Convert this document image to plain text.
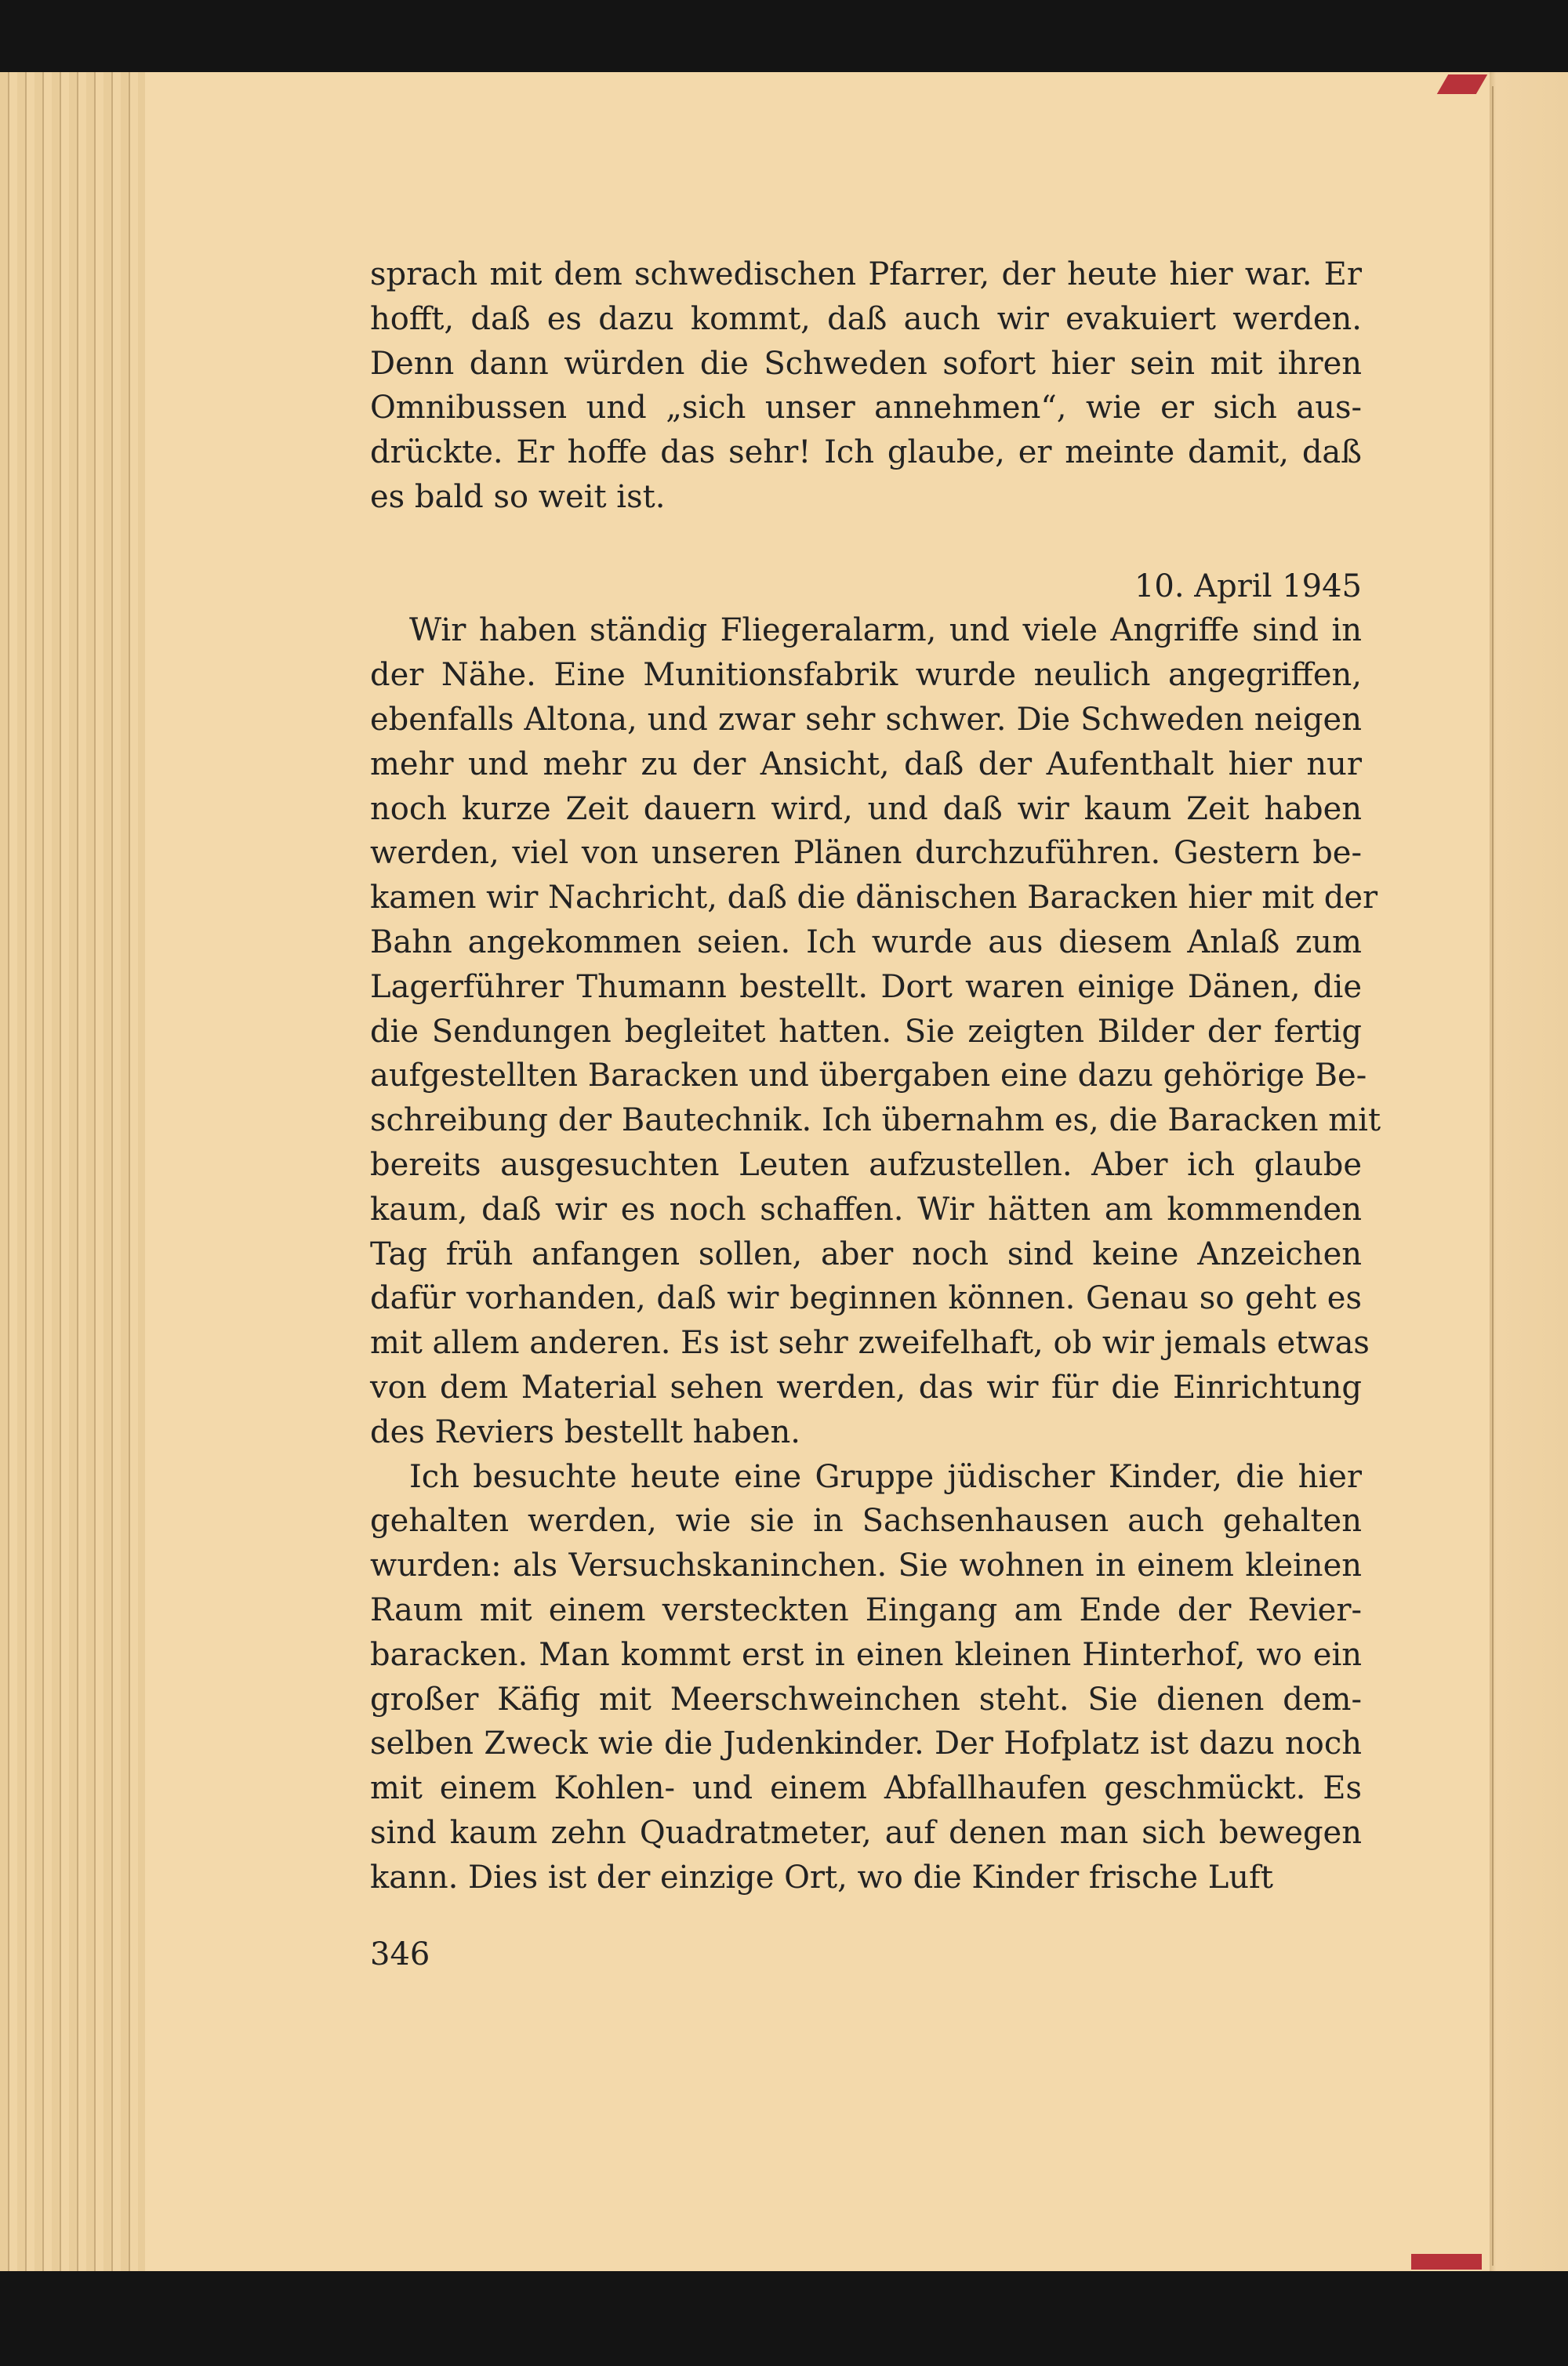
sprach mit dem schwedischen Pfarrer, der heute hier war. Er
hofft, daß es dazu kommt, daß auch wir evakuiert werden.
Denn dann würden die Schweden sofort hier sein mit ihren
Omnibussen und „sich unser annehmen“, wie er sich aus-
drückte. Er hoffe das sehr! Ich glaube, er meinte damit, daß
es bald so weit ist.
10. April 1945
Wir haben ständig Fliegeralarm, und viele Angriffe sind in
der Nähe. Eine Munitionsfabrik wurde neulich angegriffen,
ebenfalls Altona, und zwar sehr schwer. Die Schweden neigen
mehr und mehr zu der Ansicht, daß der Aufenthalt hier nur
noch kurze Zeit dauern wird, und daß wir kaum Zeit haben
werden, viel von unseren Plänen durchzuführen. Gestern be-
kamen wir Nachricht, daß die dänischen Baracken hier mit der
Bahn angekommen seien. Ich wurde aus diesem Anlaß zum
Lagerführer Thumann bestellt. Dort waren einige Dänen, die
die Sendungen begleitet hatten. Sie zeigten Bilder der fertig
aufgestellten Baracken und übergaben eine dazu gehörige Be-
schreibung der Bautechnik. Ich übernahm es, die Baracken mit
bereits ausgesuchten Leuten aufzustellen. Aber ich glaube
kaum, daß wir es noch schaffen. Wir hätten am kommenden
Tag früh anfangen sollen, aber noch sind keine Anzeichen
dafür vorhanden, daß wir beginnen können. Genau so geht es
mit allem anderen. Es ist sehr zweifelhaft, ob wir jemals etwas
von dem Material sehen werden, das wir für die Einrichtung
des Reviers bestellt haben.
Ich besuchte heute eine Gruppe jüdischer Kinder, die hier
gehalten werden, wie sie in Sachsenhausen auch gehalten
wurden: als Versuchskaninchen. Sie wohnen in einem kleinen
Raum mit einem versteckten Eingang am Ende der Revier-
baracken. Man kommt erst in einen kleinen Hinterhof, wo ein
großer Käfig mit Meerschweinchen steht. Sie dienen dem-
selben Zweck wie die Judenkinder. Der Hofplatz ist dazu noch
mit einem Kohlen- und einem Abfallhaufen geschmückt. Es
sind kaum zehn Quadratmeter, auf denen man sich bewegen
kann. Dies ist der einzige Ort, wo die Kinder frische Luft
346
